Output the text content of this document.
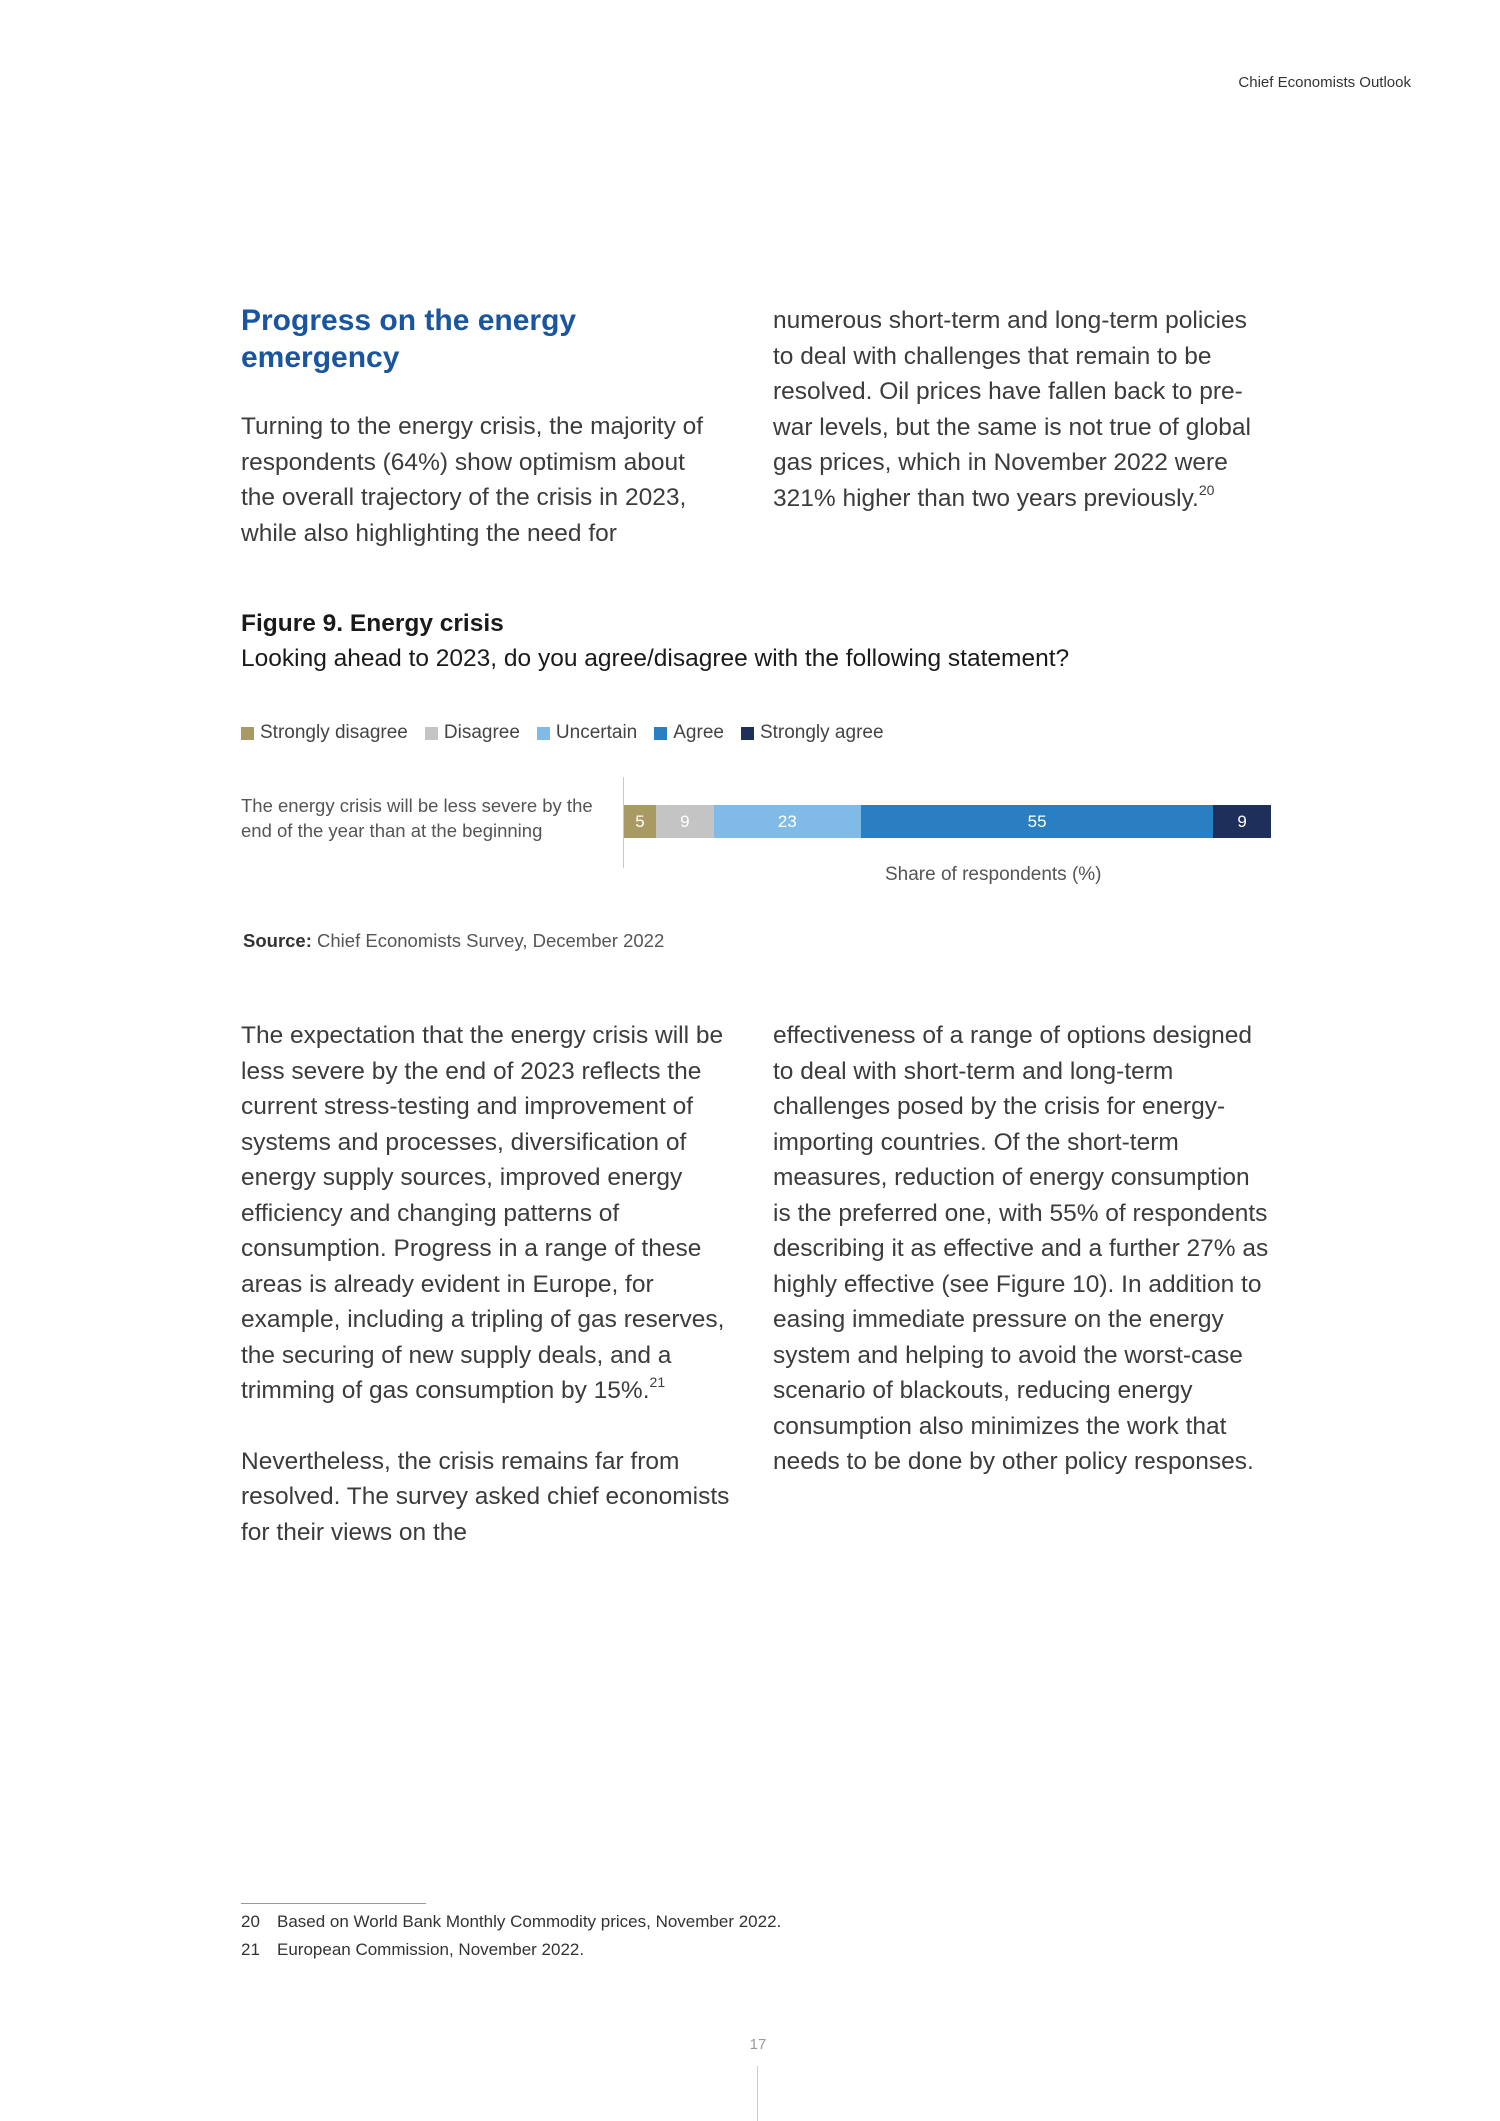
Chief Economists Outlook
Progress on the energy emergency

Turning to the energy crisis, the majority of respondents (64%) show optimism about the overall trajectory of the crisis in 2023, while also highlighting the need for

numerous short-term and long-term policies to deal with challenges that remain to be resolved. Oil prices have fallen back to pre-war levels, but the same is not true of global gas prices, which in November 2022 were 321% higher than two years previously.$^{20}$

Figure 9. Energy crisis
Looking ahead to 2023, do you agree/disagree with the following statement?
Strongly disagree Disagree Uncertain Agree Strongly agree
The energy crisis will be less severe by the end of the year than at the beginning	5 9	23	55	9
Share of respondents (%)
Source: Chief Economists Survey, December 2022

The expectation that the energy crisis will be less severe by the end of 2023 reflects the current stress-testing and improvement of systems and processes, diversification of energy supply sources, improved energy efficiency and changing patterns of consumption. Progress in a range of these areas is already evident in Europe, for example, including a tripling of gas reserves, the securing of new supply deals, and a trimming of gas consumption by 15%.$^{21}$

Nevertheless, the crisis remains far from resolved. The survey asked chief economists for their views on the

effectiveness of a range of options designed to deal with short-term and long-term challenges posed by the crisis for energy-importing countries. Of the short-term measures, reduction of energy consumption is the preferred one, with 55% of respondents describing it as effective and a further 27% as highly effective (see Figure 10). In addition to easing immediate pressure on the energy system and helping to avoid the worst-case scenario of blackouts, reducing energy consumption also minimizes the work that needs to be done by other policy responses.

20 Based on World Bank Monthly Commodity prices, November 2022.
21 European Commission, November 2022.
17
